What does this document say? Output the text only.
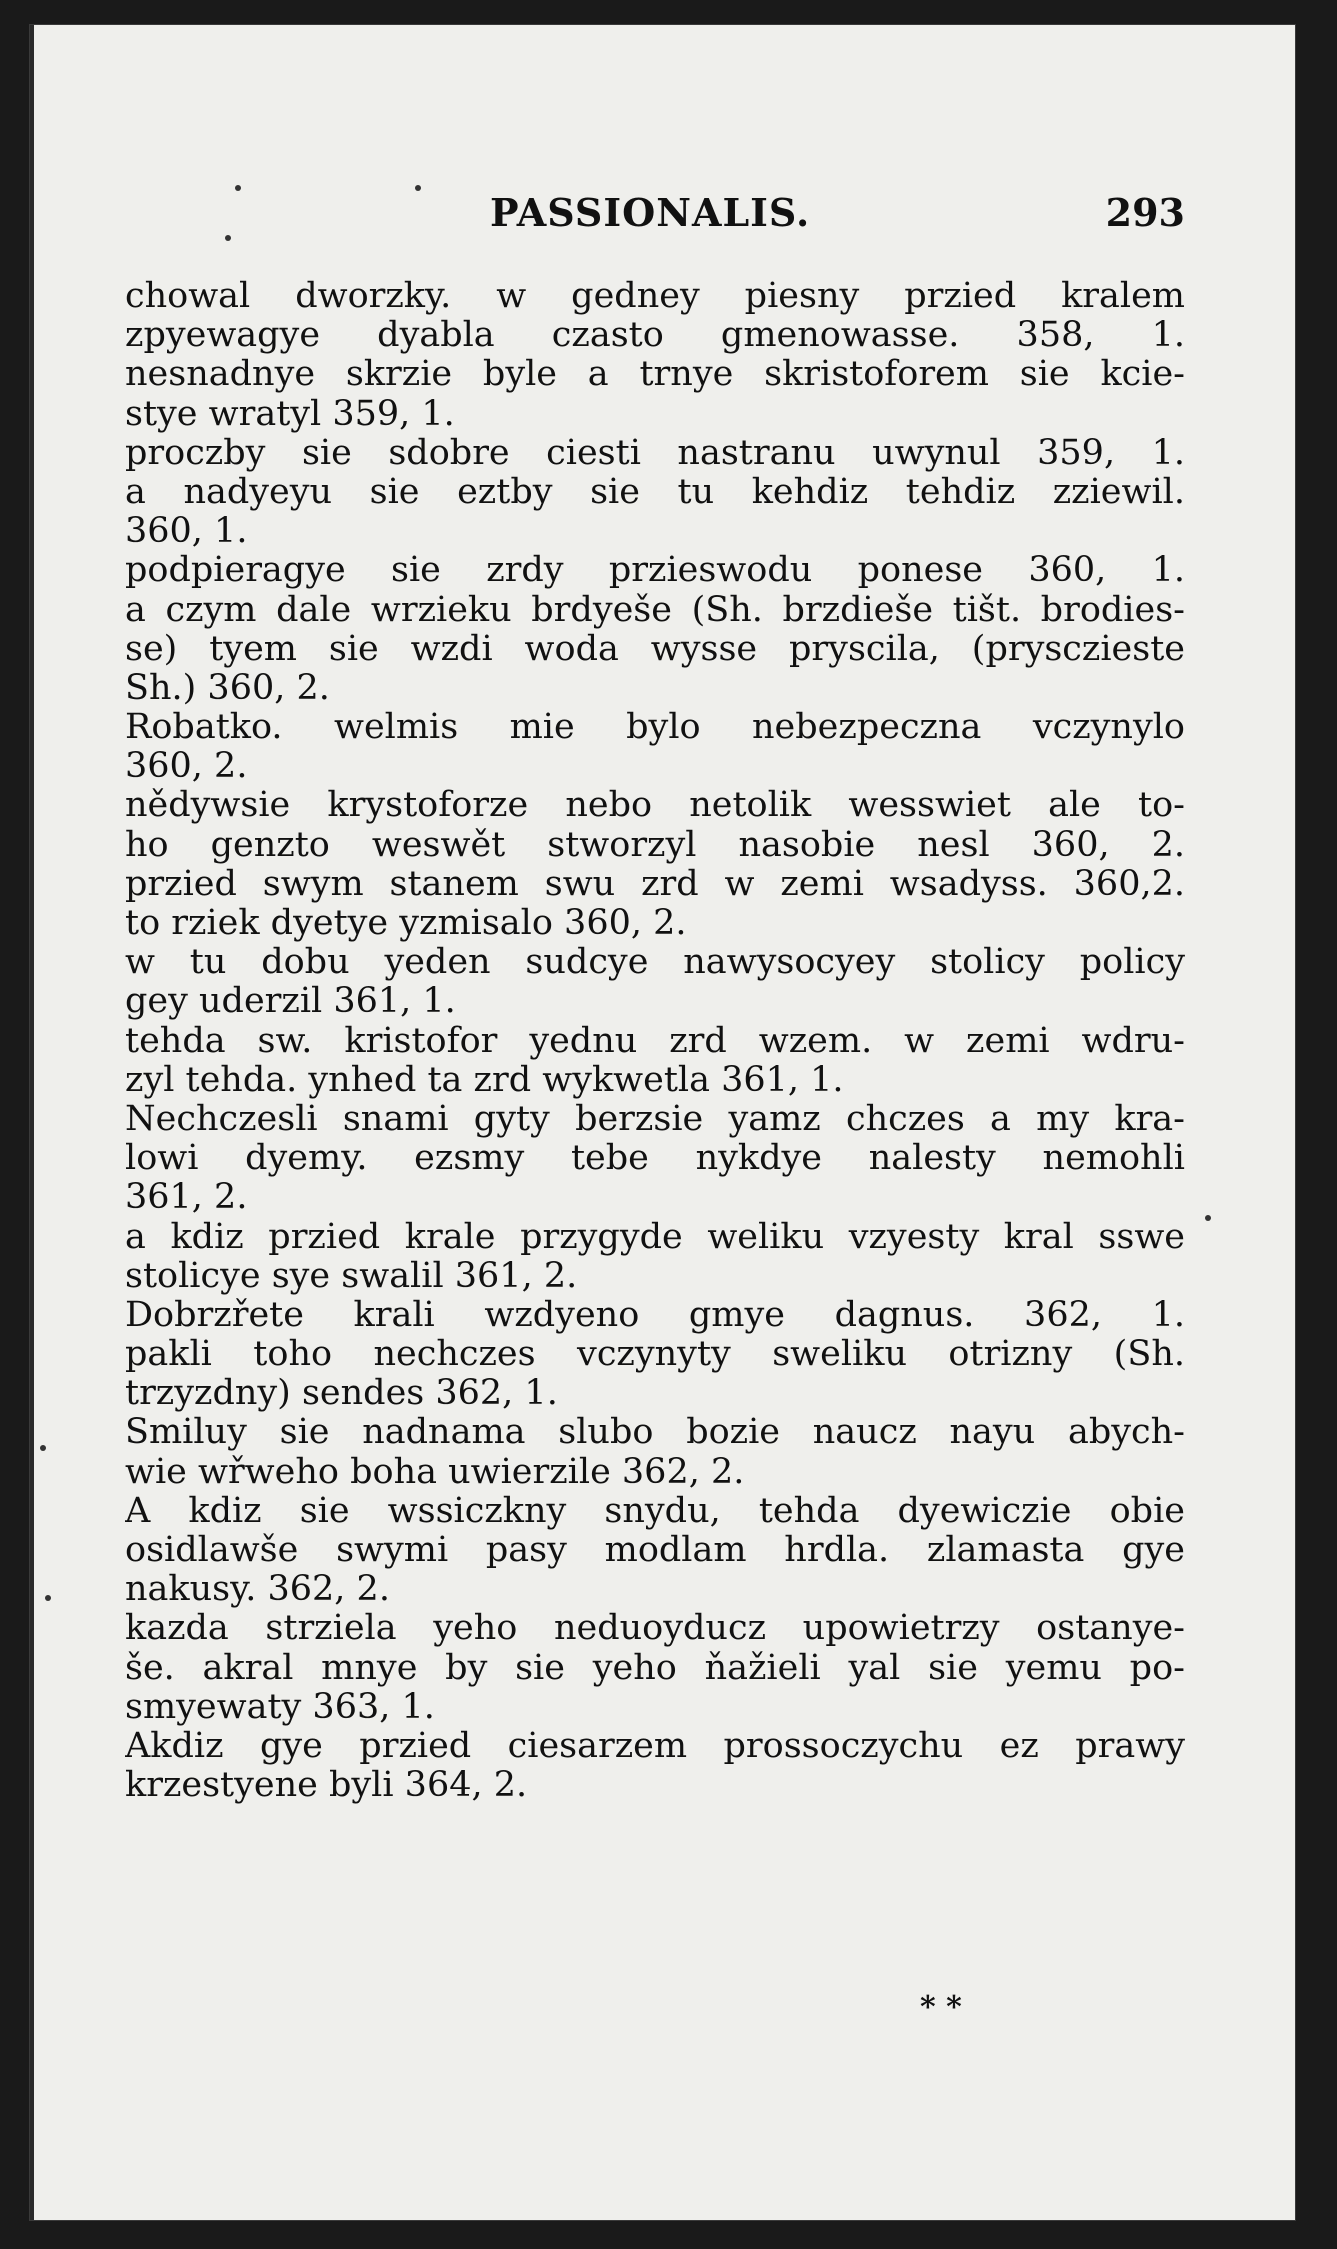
PASSIONALIS.	293
chowal dworzky. w gedney piesny przied kralem
zpyewagye dyabla czasto gmenowasse. 358, 1.
nesnadnye skrzie byle a trnye skristoforem sie kcie-
stye wratyl 359, 1.
proczby sie sdobre ciesti nastranu uwynul 359, 1.
a nadyeyu sie eztby sie tu kehdiz tehdiz zziewil.
360, 1.
podpieragye sie zrdy przieswodu ponese 360, 1.
a czym dale wrzieku brdyeše (Sh. brzdieše tišt. brodies-
se) tyem sie wzdi woda wysse pryscila, (prysczieste
Sh.) 360, 2.
Robatko. welmis mie bylo nebezpeczna vczynylo
360, 2.
nědywsie krystoforze nebo netolik wesswiet ale to-
ho genzto weswět stworzyl nasobie nesl 360, 2.
przied swym stanem swu zrd w zemi wsadyss. 360,2.
to rziek dyetye yzmisalo 360, 2.
w tu dobu yeden sudcye nawysocyey stolicy policy
gey uderzil 361, 1.
tehda sw. kristofor yednu zrd wzem. w zemi wdru-
zyl tehda. ynhed ta zrd wykwetla 361, 1.
Nechczesli snami gyty berzsie yamz chczes a my kra-
lowi dyemy. ezsmy tebe nykdye nalesty nemohli
361, 2.
a kdiz przied krale przygyde weliku vzyesty kral sswe
stolicye sye swalil 361, 2.
Dobrzřete krali wzdyeno gmye dagnus. 362, 1.
pakli toho nechczes vczynyty sweliku otrizny (Sh.
trzyzdny) sendes 362, 1.
Smiluy sie nadnama slubo bozie naucz nayu abych-
wie wřweho boha uwierzile 362, 2.
A kdiz sie wssiczkny snydu, tehda dyewiczie obie
osidlawše swymi pasy modlam hrdla. zlamasta gye
nakusy. 362, 2.
kazda strziela yeho neduoyducz upowietrzy ostanye-
še. akral mnye by sie yeho ňažieli yal sie yemu po-
smyewaty 363, 1.
Akdiz gye przied ciesarzem prossoczychu ez prawy
krzestyene byli 364, 2.
* *
